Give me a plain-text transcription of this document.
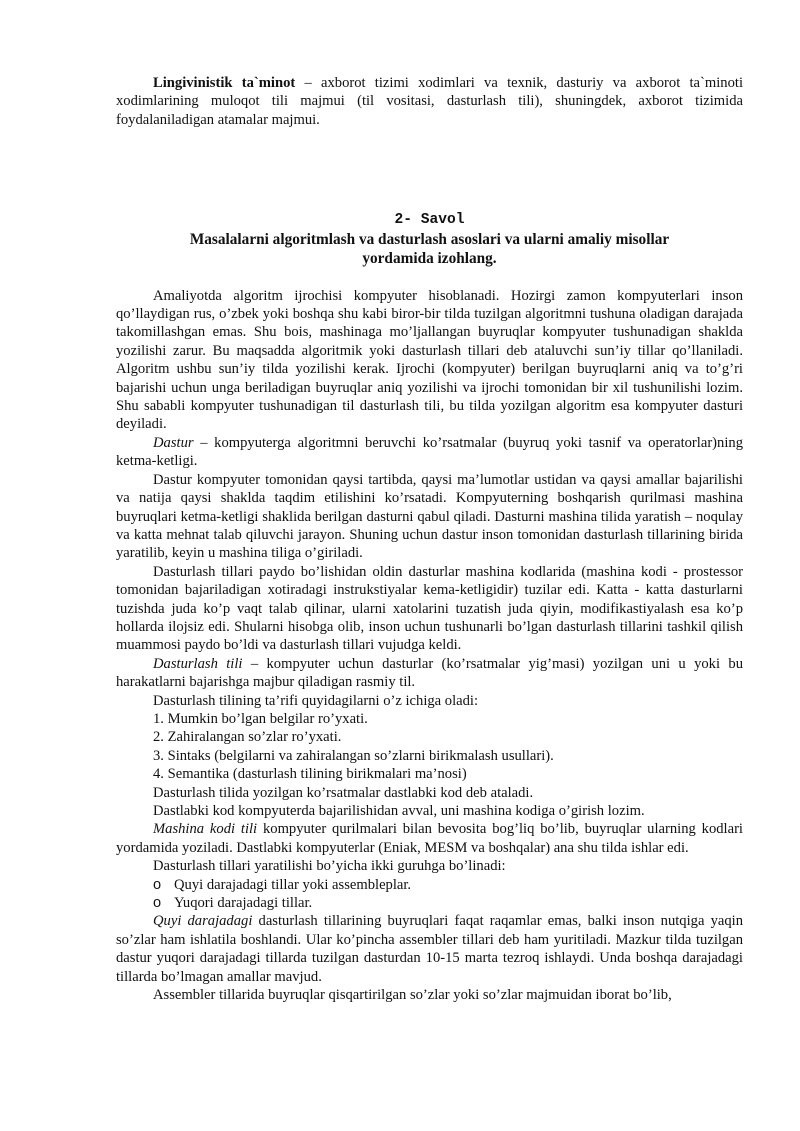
Lingivinistik ta`minot – axborot tizimi xodimlari va texnik, dasturiy va axborot ta`minoti xodimlarining muloqot tili majmui (til vositasi, dasturlash tili), shuningdek, axborot tizimida foydalaniladigan atamalar majmui.

2- Savol
Masalalarni algoritmlash va dasturlash asoslari va ularni amaliy misollar
yordamida izohlang.

Amaliyotda algoritm ijrochisi kompyuter hisoblanadi. Hozirgi zamon kompyuterlari inson qo’llaydigan rus, o’zbek yoki boshqa shu kabi biror-bir tilda tuzilgan algoritmni tushuna oladigan darajada takomillashgan emas. Shu bois, mashinaga mo’ljallangan buyruqlar kompyuter tushunadigan shaklda yozilishi zarur. Bu maqsadda algoritmik yoki dasturlash tillari deb ataluvchi sun’iy tillar qo’llaniladi. Algoritm ushbu sun’iy tilda yozilishi kerak. Ijrochi (kompyuter) berilgan buyruqlarni aniq va to’g’ri bajarishi uchun unga beriladigan buyruqlar aniq yozilishi va ijrochi tomonidan bir xil tushunilishi lozim. Shu sababli kompyuter tushunadigan til dasturlash tili, bu tilda yozilgan algoritm esa kompyuter dasturi deyiladi.

Dastur – kompyuterga algoritmni beruvchi ko’rsatmalar (buyruq yoki tasnif va operatorlar)ning ketma-ketligi.

Dastur kompyuter tomonidan qaysi tartibda, qaysi ma’lumotlar ustidan va qaysi amallar bajarilishi va natija qaysi shaklda taqdim etilishini ko’rsatadi. Kompyuterning boshqarish qurilmasi mashina buyruqlari ketma-ketligi shaklida berilgan dasturni qabul qiladi. Dasturni mashina tilida yaratish – noqulay va katta mehnat talab qiluvchi jarayon. Shuning uchun dastur inson tomonidan dasturlash tillarining birida yaratilib, keyin u mashina tiliga o’giriladi.

Dasturlash tillari paydo bo’lishidan oldin dasturlar mashina kodlarida (mashina kodi - prostessor tomonidan bajariladigan xotiradagi instrukstiyalar kema-ketligidir) tuzilar edi. Katta - katta dasturlarni tuzishda juda ko’p vaqt talab qilinar, ularni xatolarini tuzatish juda qiyin, modifikastiyalash esa ko’p hollarda ilojsiz edi. Shularni hisobga olib, inson uchun tushunarli bo’lgan dasturlash tillarini tashkil qilish muammosi paydo bo’ldi va dasturlash tillari vujudga keldi.

Dasturlash tili – kompyuter uchun dasturlar (ko’rsatmalar yig’masi) yozilgan uni u yoki bu harakatlarni bajarishga majbur qiladigan rasmiy til.

Dasturlash tilining ta’rifi quyidagilarni o’z ichiga oladi:

1. Mumkin bo’lgan belgilar ro’yxati.

2. Zahiralangan so’zlar ro’yxati.

3. Sintaks (belgilarni va zahiralangan so’zlarni birikmalash usullari).

4. Semantika (dasturlash tilining birikmalari ma’nosi)

Dasturlash tilida yozilgan ko’rsatmalar dastlabki kod deb ataladi.

Dastlabki kod kompyuterda bajarilishidan avval, uni mashina kodiga o’girish lozim.

Mashina kodi tili kompyuter qurilmalari bilan bevosita bog’liq bo’lib, buyruqlar ularning kodlari yordamida yoziladi. Dastlabki kompyuterlar (Eniak, MESM va boshqalar) ana shu tilda ishlar edi.

Dasturlash tillari yaratilishi bo’yicha ikki guruhga bo’linadi:

o Quyi darajadagi tillar yoki assembleplar.

o Yuqori darajadagi tillar.

Quyi darajadagi dasturlash tillarining buyruqlari faqat raqamlar emas, balki inson nutqiga yaqin so’zlar ham ishlatila boshlandi. Ular ko’pincha assembler tillari deb ham yuritiladi. Mazkur tilda tuzilgan dastur yuqori darajadagi tillarda tuzilgan dasturdan 10-15 marta tezroq ishlaydi. Unda boshqa darajadagi tillarda bo’lmagan amallar mavjud.

Assembler tillarida buyruqlar qisqartirilgan so’zlar yoki so’zlar majmuidan iborat bo’lib,
